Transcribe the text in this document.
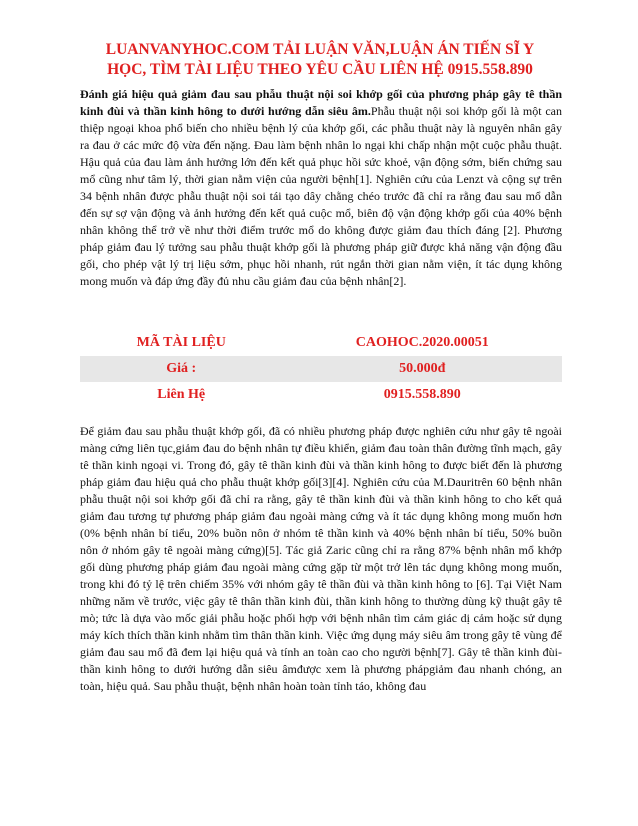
LUANVANYHOC.COM TẢI LUẬN VĂN,LUẬN ÁN TIẾN SĨ Y
HỌC, TÌM TÀI LIỆU THEO YÊU CẦU LIÊN HỆ 0915.558.890

Đánh giá hiệu quả giảm đau sau phẫu thuật nội soi khớp gối của phương pháp gây tê thần kinh đùi và thần kinh hông to dưới hướng dẫn siêu âm.Phẫu thuật nội soi khớp gối là một can thiệp ngoại khoa phổ biến cho nhiều bệnh lý của khớp gối, các phẫu thuật này là nguyên nhân gây ra đau ở các mức độ vừa đến nặng. Đau làm bệnh nhân lo ngại khi chấp nhận một cuộc phẫu thuật. Hậu quả của đau làm ảnh hưởng lớn đến kết quả phục hồi sức khoẻ, vận động sớm, biến chứng sau mổ cũng như tâm lý, thời gian nằm viện của người bệnh[1]. Nghiên cứu của Lenzt và cộng sự trên 34 bệnh nhân được phẫu thuật nội soi tái tạo dây chằng chéo trước đã chỉ ra rằng đau sau mổ dẫn đến sự sợ vận động và ảnh hưởng đến kết quả cuộc mổ, biên độ vận động khớp gối của 40% bệnh nhân không thể trở về như thời điểm trước mổ do không được giảm đau thích đáng [2]. Phương pháp giảm đau lý tưởng sau phẫu thuật khớp gối là phương pháp giữ được khả năng vận động đầu gối, cho phép vật lý trị liệu sớm, phục hồi nhanh, rút ngắn thời gian nằm viện, ít tác dụng không mong muốn và đáp ứng đầy đủ nhu cầu giảm đau của bệnh nhân[2].

MÃ TÀI LIỆU	CAOHOC.2020.00051
Giá :	50.000đ
Liên Hệ	0915.558.890

Để giảm đau sau phẫu thuật khớp gối, đã có nhiều phương pháp được nghiên cứu như gây tê ngoài màng cứng liên tục,giảm đau do bệnh nhân tự điều khiển, giảm đau toàn thân đường tĩnh mạch, gây tê thần kinh ngoại vi. Trong đó, gây tê thần kinh đùi và thần kinh hông to được biết đến là phương pháp giảm đau hiệu quả cho phẫu thuật khớp gối[3][4]. Nghiên cứu của M.Dauritrên 60 bệnh nhân phẫu thuật nội soi khớp gối đã chỉ ra rằng, gây tê thần kinh đùi và thần kinh hông to cho kết quả giảm đau tương tự phương pháp giảm đau ngoài màng cứng và ít tác dụng không mong muốn hơn (0% bệnh nhân bí tiểu, 20% buồn nôn ở nhóm tê thần kinh và 40% bệnh nhân bí tiểu, 50% buồn nôn ở nhóm gây tê ngoài màng cứng)[5]. Tác giả Zaric cũng chỉ ra rằng 87% bệnh nhân mổ khớp gối dùng phương pháp giảm đau ngoài màng cứng gặp từ một trở lên tác dụng không mong muốn, trong khi đó tỷ lệ trên chiếm 35% với nhóm gây tê thần đùi và thần kinh hông to [6]. Tại Việt Nam những năm về trước, việc gây tê thân thần kinh đùi, thần kinh hông to thường dùng kỹ thuật gây tê mò; tức là dựa vào mốc giải phẫu hoặc phối hợp với bệnh nhân tìm cảm giác dị cảm hoặc sử dụng máy kích thích thần kinh nhằm tìm thân thần kinh. Việc ứng dụng máy siêu âm trong gây tê vùng để giảm đau sau mổ đã đem lại hiệu quả và tính an toàn cao cho người bệnh[7]. Gây tê thần kinh đùi-thần kinh hông to dưới hướng dẫn siêu âmđược xem là phương phápgiảm đau nhanh chóng, an toàn, hiệu quả. Sau phẫu thuật, bệnh nhân hoàn toàn tỉnh táo, không đau
